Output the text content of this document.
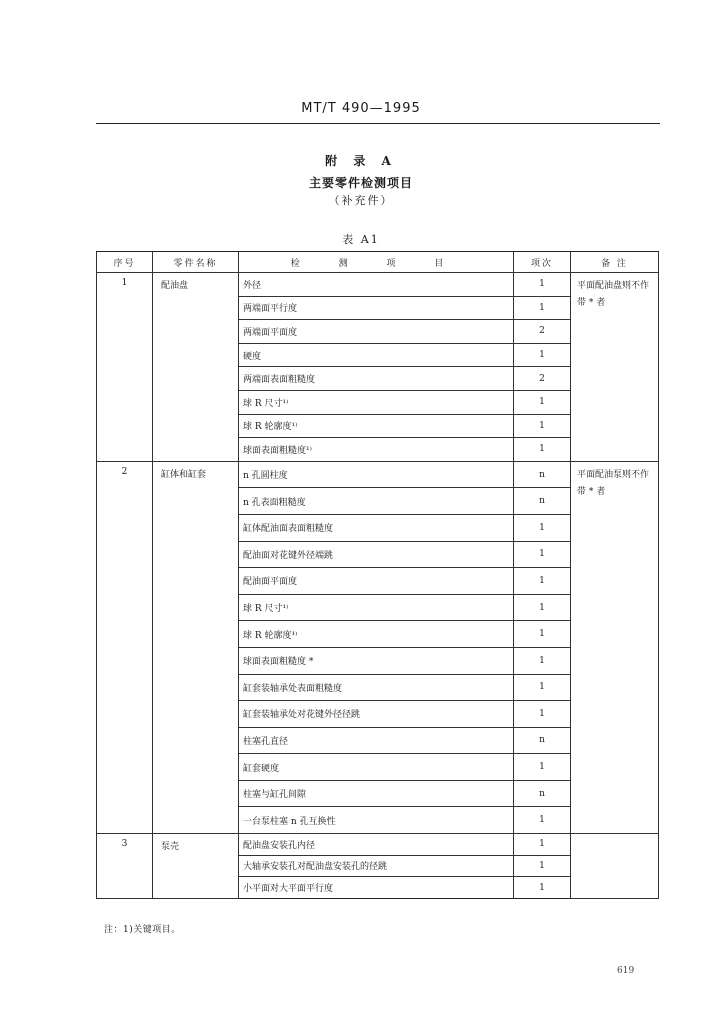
MT/T 490—1995
附 录 A
主要零件检测项目
（补充件）
表 A1
序号	零件名称	检 测 项 目	项次	备 注
1	配油盘	外径	1	平面配油盘则不作带 * 者
		两端面平行度	1	
		两端面平面度	2	
		硬度	1	
		两端面表面粗糙度	2	
		球 R 尺寸¹⁾	1	
		球 R 轮廓度¹⁾	1	
		球面表面粗糙度¹⁾	1	
2	缸体和缸套	n 孔圆柱度	n	平面配油泵则不作带 * 者
		n 孔表面粗糙度	n	
		缸体配油面表面粗糙度	1	
		配油面对花键外径端跳	1	
		配油面平面度	1	
		球 R 尺寸¹⁾	1	
		球 R 轮廓度¹⁾	1	
		球面表面粗糙度 *	1	
		缸套装轴承处表面粗糙度	1	
		缸套装轴承处对花键外径径跳	1	
		柱塞孔直径	n	
		缸套硬度	1	
		柱塞与缸孔间隙	n	
		一台泵柱塞 n 孔互换性	1	
3	泵壳	配油盘安装孔内径	1	
		大轴承安装孔对配油盘安装孔的径跳	1	
		小平面对大平面平行度	1	
注：1)关键项目。
619
